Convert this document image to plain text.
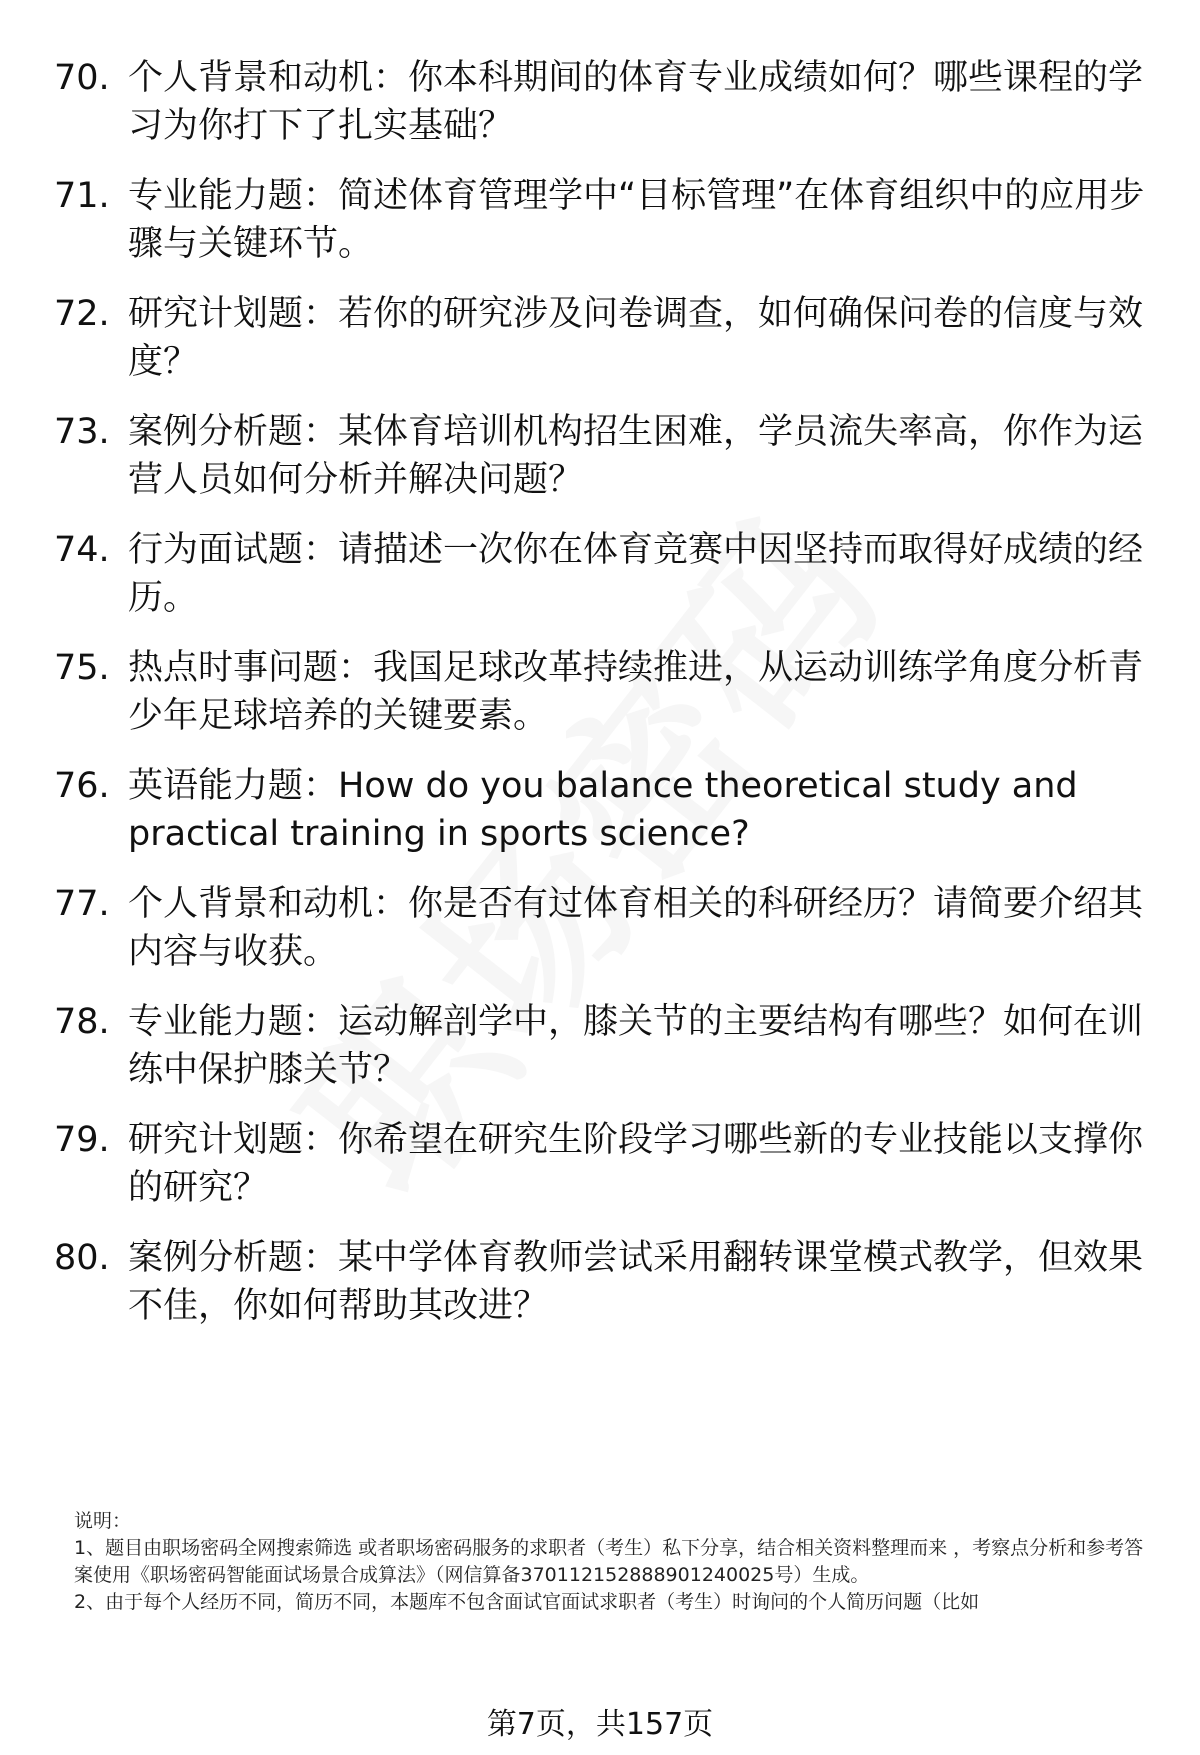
70. 个人背景和动机：你本科期间的体育专业成绩如何？哪些课程的学习为你打下了扎实基础？
71. 专业能力题：简述体育管理学中“目标管理”在体育组织中的应用步骤与关键环节。
72. 研究计划题：若你的研究涉及问卷调查，如何确保问卷的信度与效度？
73. 案例分析题：某体育培训机构招生困难，学员流失率高，你作为运营人员如何分析并解决问题？
74. 行为面试题：请描述一次你在体育竞赛中因坚持而取得好成绩的经历。
75. 热点时事问题：我国足球改革持续推进，从运动训练学角度分析青少年足球培养的关键要素。
76. 英语能力题：How do you balance theoretical study and practical training in sports science?
77. 个人背景和动机：你是否有过体育相关的科研经历？请简要介绍其内容与收获。
78. 专业能力题：运动解剖学中，膝关节的主要结构有哪些？如何在训练中保护膝关节？
79. 研究计划题：你希望在研究生阶段学习哪些新的专业技能以支撑你的研究？
80. 案例分析题：某中学体育教师尝试采用翻转课堂模式教学，但效果不佳，你如何帮助其改进？

说明：

1、题目由职场密码全网搜索筛选 或者职场密码服务的求职者（考生）私下分享，结合相关资料整理而来 ，考察点分析和参考答案使用《职场密码智能面试场景合成算法》（网信算备370112152888901240025号）生成。

2、由于每个人经历不同，简历不同，本题库不包含面试官面试求职者（考生）时询问的个人简历问题（比如

第7页，共157页
